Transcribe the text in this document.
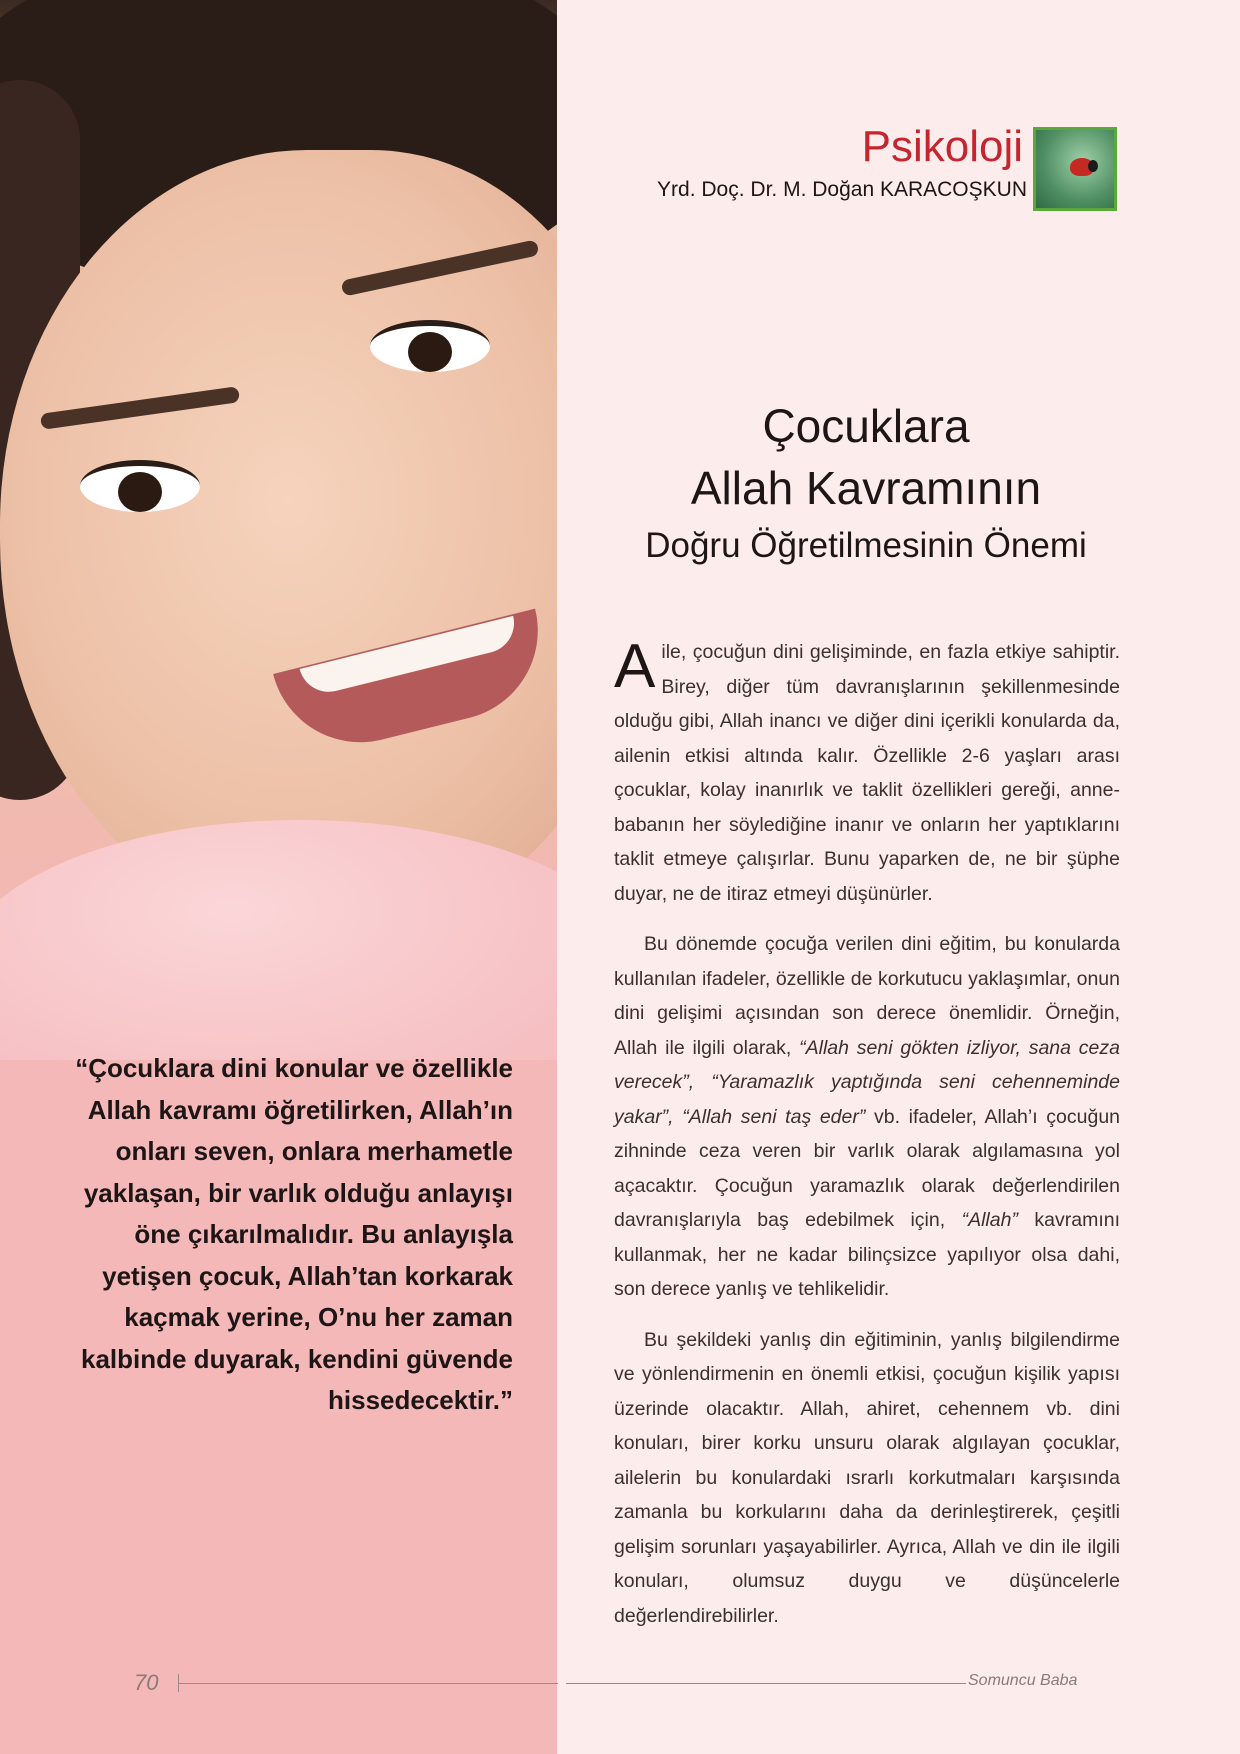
“Çocuklara dini konular ve özellikle Allah kavramı öğretilirken, Allah’ın onları seven, onlara merhametle yaklaşan, bir varlık olduğu anlayışı öne çıkarılmalıdır. Bu anlayışla yetişen çocuk, Allah’tan korkarak kaçmak yerine, O’nu her zaman kalbinde duyarak, kendini güvende hissedecektir.”
Psikoloji
Yrd. Doç. Dr. M. Doğan KARACOŞKUN
Çocuklara
Allah Kavramının
Doğru Öğretilmesinin Önemi

Aile, çocuğun dini gelişiminde, en fazla etkiye sahiptir. Birey, diğer tüm davranışlarının şekillenmesinde olduğu gibi, Allah inancı ve diğer dini içerikli konularda da, ailenin etkisi altında kalır. Özellikle 2-6 yaşları arası çocuklar, kolay inanırlık ve taklit özellikleri gereği, anne-babanın her söylediğine inanır ve onların her yaptıklarını taklit etmeye çalışırlar. Bunu yaparken de, ne bir şüphe duyar, ne de itiraz etmeyi düşünürler.

Bu dönemde çocuğa verilen dini eğitim, bu konularda kullanılan ifadeler, özellikle de korkutucu yaklaşımlar, onun dini gelişimi açısından son derece önemlidir. Örneğin, Allah ile ilgili olarak, “Allah seni gökten izliyor, sana ceza verecek”, “Yaramazlık yaptığında seni cehenneminde yakar”, “Allah seni taş eder” vb. ifadeler, Allah’ı çocuğun zihninde ceza veren bir varlık olarak algılamasına yol açacaktır. Çocuğun yaramazlık olarak değerlendirilen davranışlarıyla baş edebilmek için, “Allah” kavramını kullanmak, her ne kadar bilinçsizce yapılıyor olsa dahi, son derece yanlış ve tehlikelidir.

Bu şekildeki yanlış din eğitiminin, yanlış bilgilendirme ve yönlendirmenin en önemli etkisi, çocuğun kişilik yapısı üzerinde olacaktır. Allah, ahiret, cehennem vb. dini konuları, birer korku unsuru olarak algılayan çocuklar, ailelerin bu konulardaki ısrarlı korkutmaları karşısında zamanla bu korkularını daha da derinleştirerek, çeşitli gelişim sorunları yaşayabilirler. Ayrıca, Allah ve din ile ilgili konuları, olumsuz duygu ve düşüncelerle değerlendirebilirler.

70	Somuncu Baba
